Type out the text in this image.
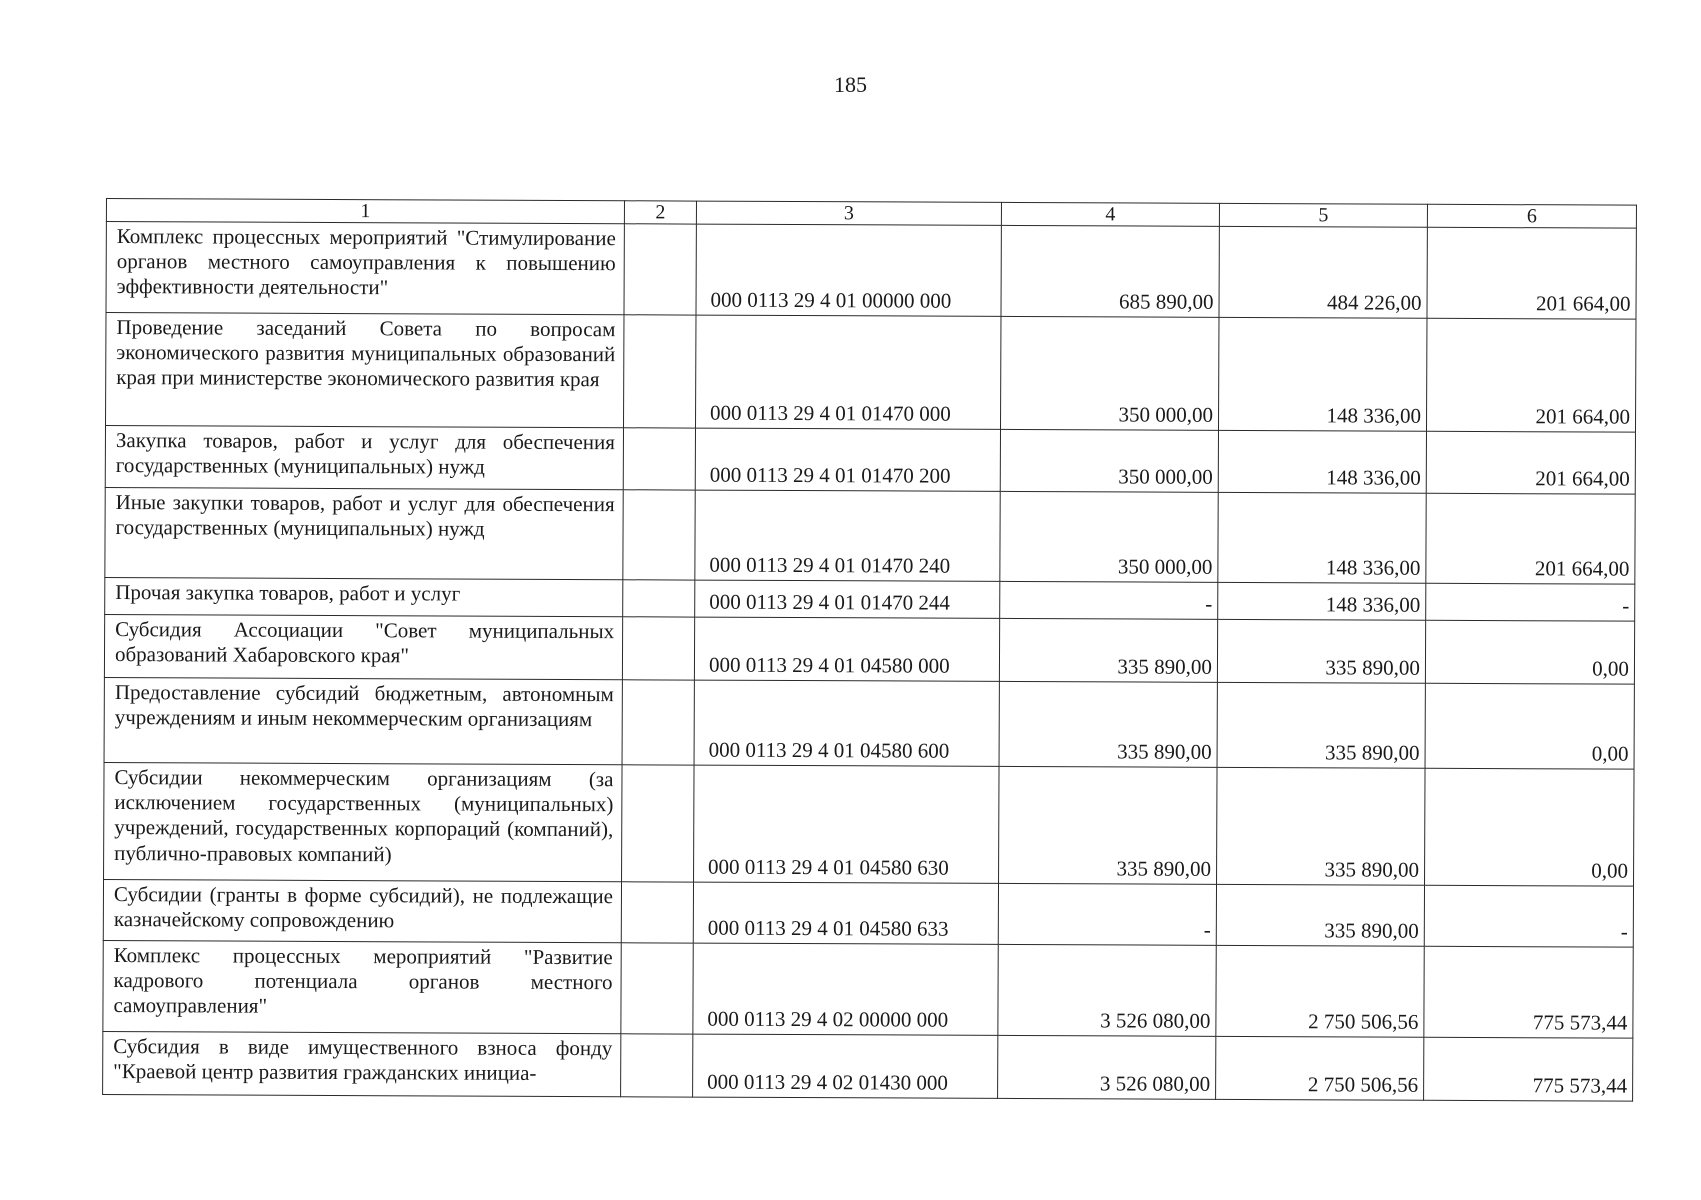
185
1	2	3	4	5	6
Комплекс процессных мероприятий "Стимулирование органов местного самоуправления к повышению эффективности деятельности"		000 0113 29 4 01 00000 000	685 890,00	484 226,00	201 664,00
Проведение заседаний Совета по вопросам экономического развития муниципальных образований края при министерстве экономического развития края		000 0113 29 4 01 01470 000	350 000,00	148 336,00	201 664,00
Закупка товаров, работ и услуг для обеспечения государственных (муниципальных) нужд		000 0113 29 4 01 01470 200	350 000,00	148 336,00	201 664,00
Иные закупки товаров, работ и услуг для обеспечения государственных (муниципальных) нужд		000 0113 29 4 01 01470 240	350 000,00	148 336,00	201 664,00
Прочая закупка товаров, работ и услуг		000 0113 29 4 01 01470 244	-	148 336,00	-
Субсидия Ассоциации "Совет муниципальных образований Хабаровского края"		000 0113 29 4 01 04580 000	335 890,00	335 890,00	0,00
Предоставление субсидий бюджетным, автономным учреждениям и иным некоммерческим организациям		000 0113 29 4 01 04580 600	335 890,00	335 890,00	0,00
Субсидии некоммерческим организациям (за исключением государственных (муниципальных) учреждений, государственных корпораций (компаний), публично-правовых компаний)		000 0113 29 4 01 04580 630	335 890,00	335 890,00	0,00
Субсидии (гранты в форме субсидий), не подлежащие казначейскому сопровождению		000 0113 29 4 01 04580 633	-	335 890,00	-
Комплекс процессных мероприятий "Развитие кадрового потенциала органов местного самоуправления"		000 0113 29 4 02 00000 000	3 526 080,00	2 750 506,56	775 573,44
Субсидия в виде имущественного взноса фонду "Краевой центр развития гражданских инициа-		000 0113 29 4 02 01430 000	3 526 080,00	2 750 506,56	775 573,44
